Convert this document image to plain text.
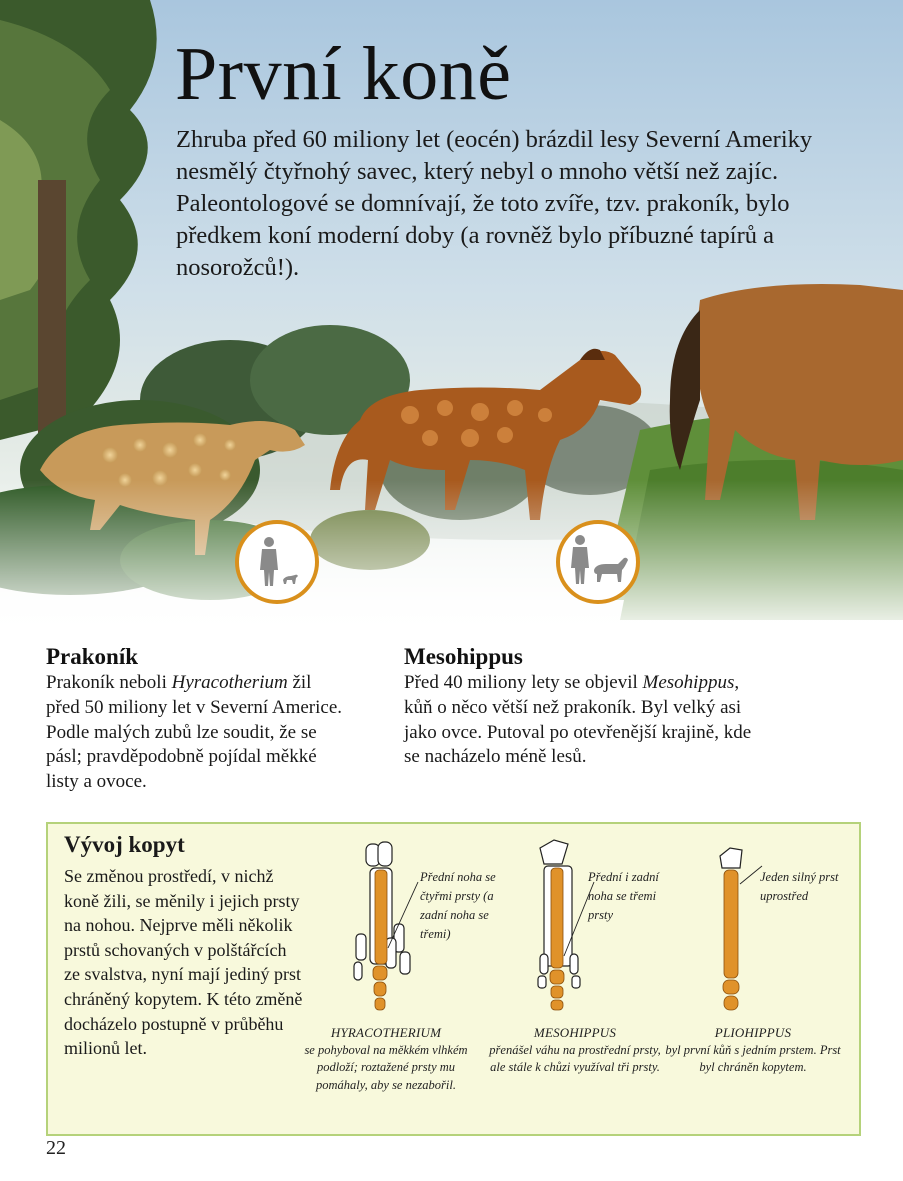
První koně

Zhruba před 60 miliony let (eocén) brázdil lesy Severní Ameriky nesmělý čtyřnohý savec, který nebyl o mnoho větší než zajíc. Paleontologové se domnívají, že toto zvíře, tzv. prakoník, bylo předkem koní moderní doby (a rovněž bylo příbuzné tapírů a nosorožců!).

Prakoník

Prakoník neboli Hyracotherium žil před 50 miliony let v Severní Americe. Podle malých zubů lze soudit, že se pásl; pravděpodobně pojídal měkké listy a ovoce.

Mesohippus

Před 40 miliony lety se objevil Mesohippus, kůň o něco větší než prakoník. Byl velký asi jako ovce. Putoval po otevřenější krajině, kde se nacházelo méně lesů.

Vývoj kopyt

Se změnou prostředí, v nichž koně žili, se měnily i jejich prsty na nohou. Nejprve měli několik prstů schovaných v polštářcích ze svalstva, nyní mají jediný prst chráněný kopytem. K této změně docházelo postupně v průběhu milionů let.

Přední noha se čtyřmi prsty (a zadní noha se třemi)
HYRACOTHERIUM
se pohyboval na měkkém vlhkém podloží; roztažené prsty mu pomáhaly, aby se nezabořil.
Přední i zadní noha se třemi prsty
MESOHIPPUS
přenášel váhu na prostřední prsty, ale stále k chůzi využíval tři prsty.
Jeden silný prst uprostřed
PLIOHIPPUS
byl první kůň s jedním prstem. Prst byl chráněn kopytem.
22
